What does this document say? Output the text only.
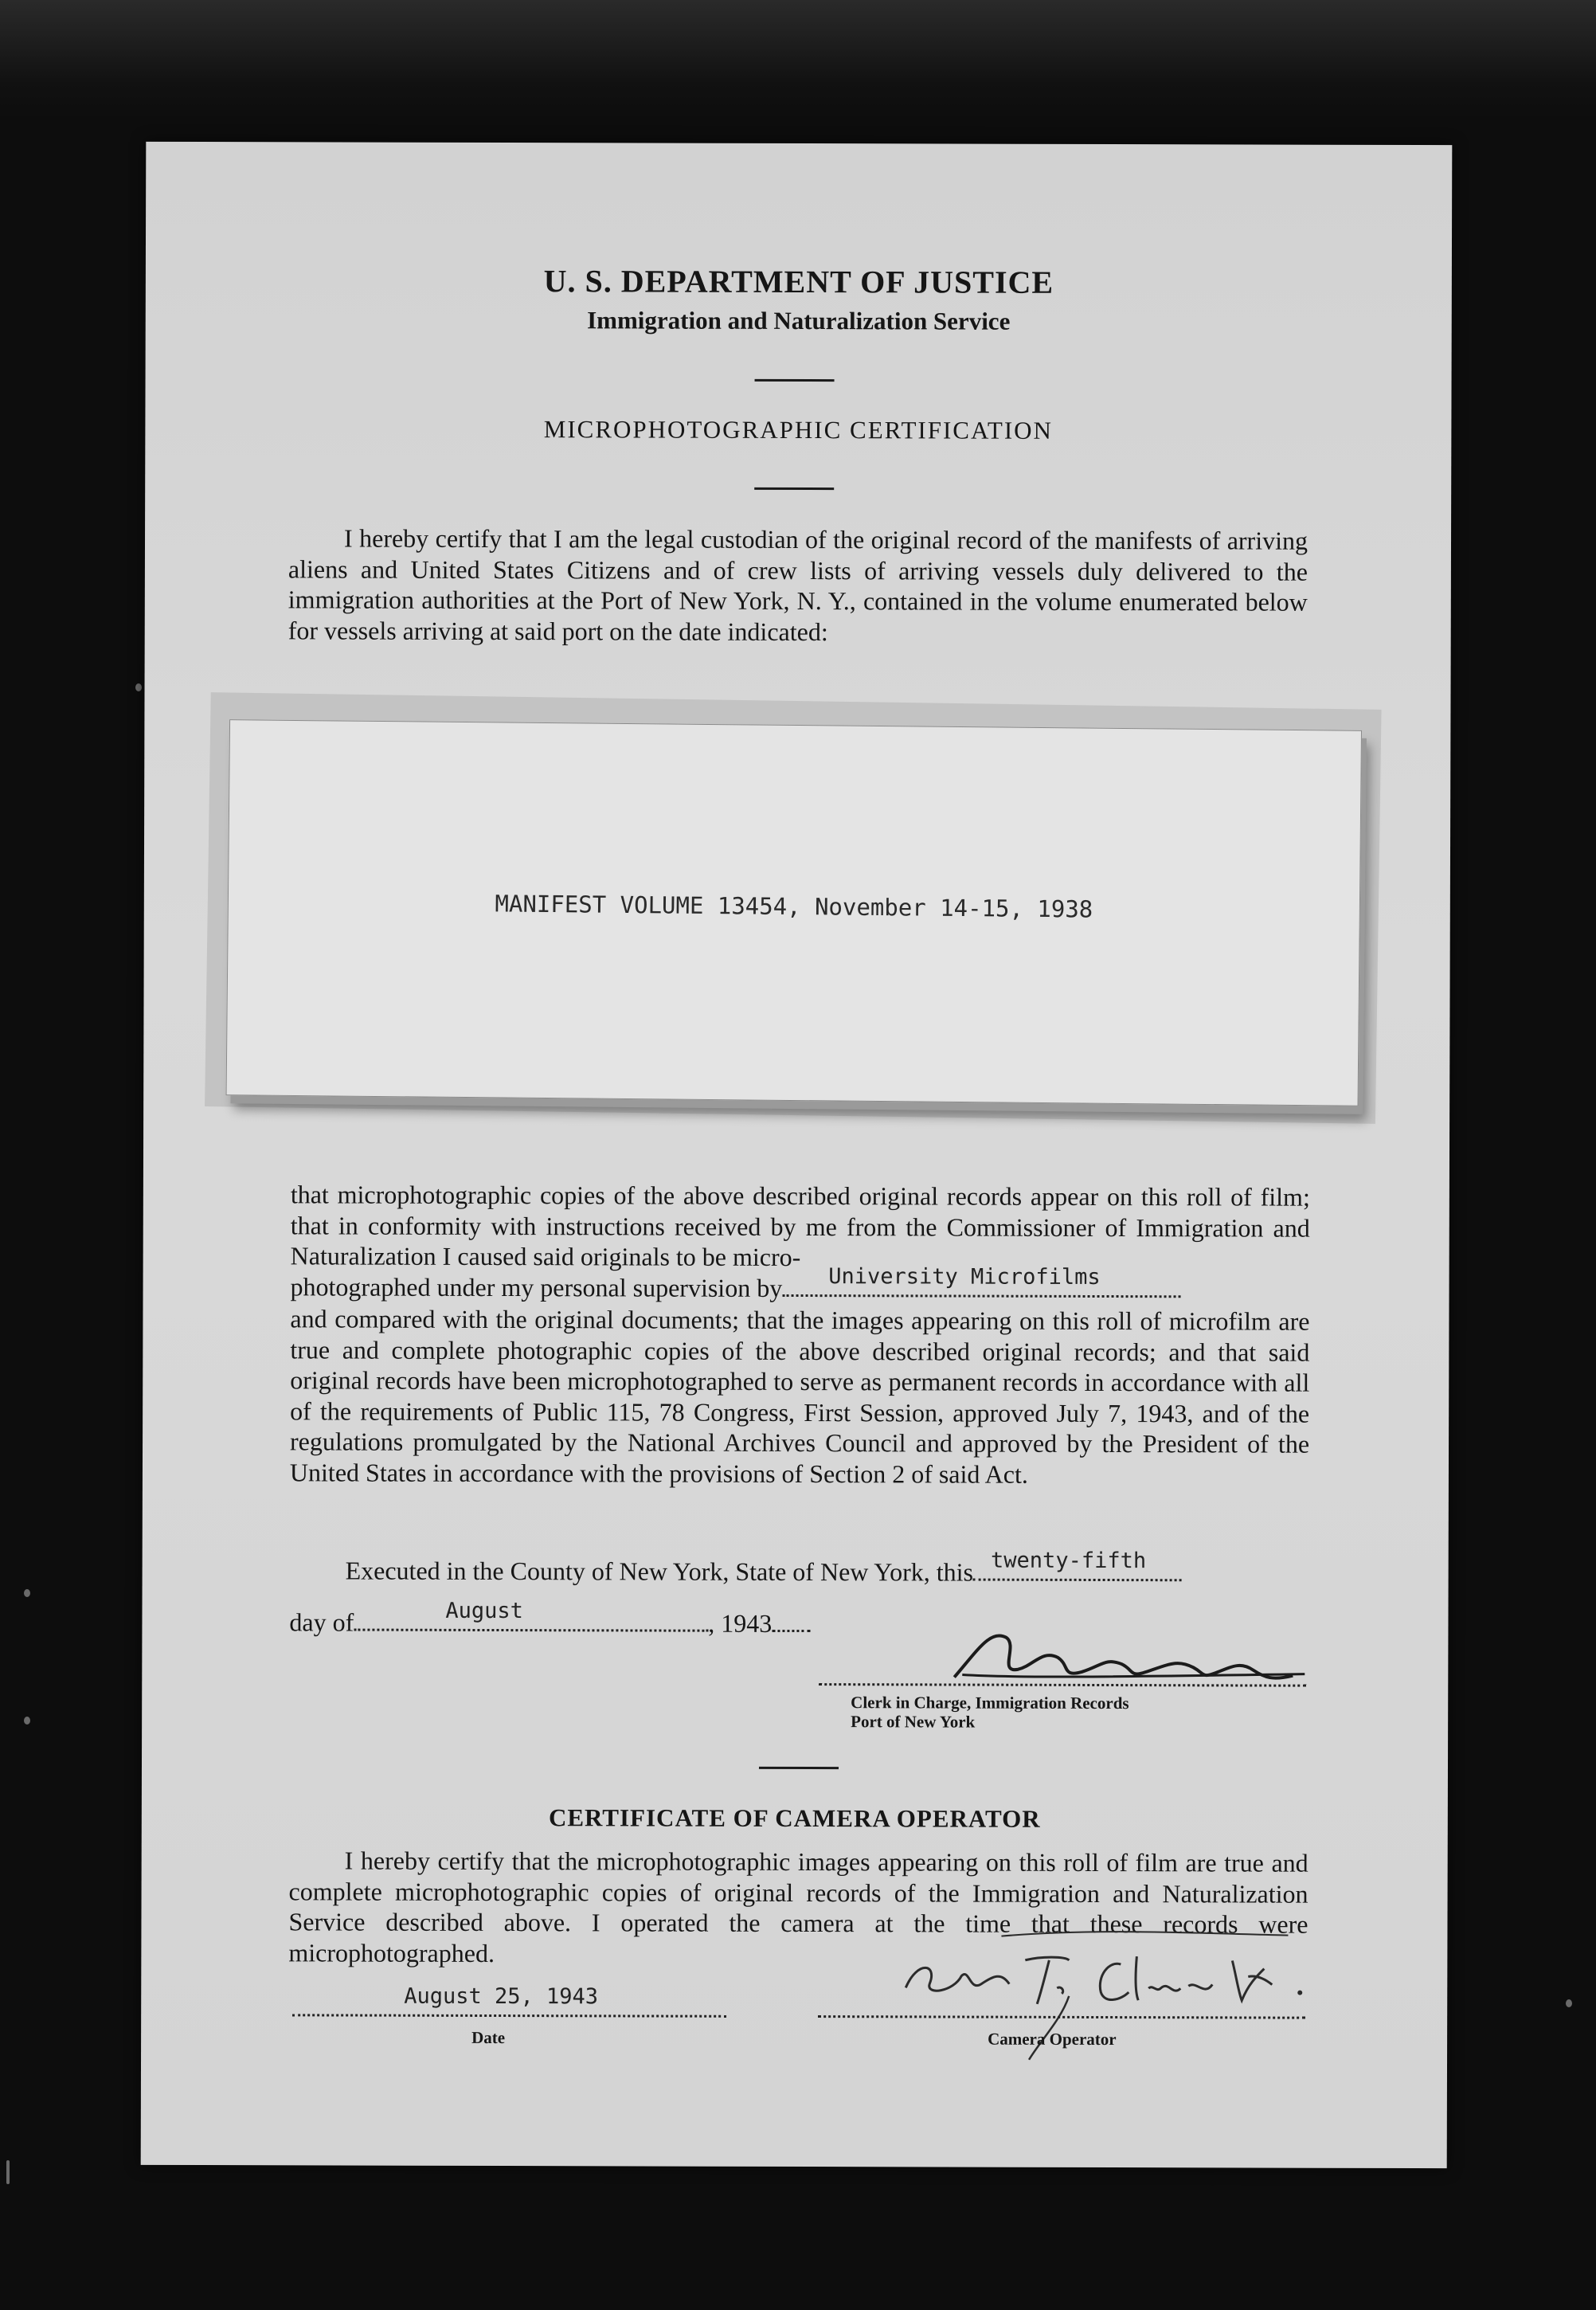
U. S. DEPARTMENT OF JUSTICE
Immigration and Naturalization Service
MICROPHOTOGRAPHIC CERTIFICATION
I hereby certify that I am the legal custodian of the original record of the manifests of arriving aliens and United States Citizens and of crew lists of arriving vessels duly delivered to the immigration authorities at the Port of New York, N. Y., contained in the volume enumerated below for vessels arriving at said port on the date indicated:
MANIFEST VOLUME 13454, November 14-15, 1938
that microphotographic copies of the above described original records appear on this roll of film; that in conformity with instructions received by me from the Commissioner of Immigration and Naturalization I caused said originals to be micro-
photographed under my personal supervision by University Microfilms
and compared with the original documents; that the images appearing on this roll of microfilm are true and complete photographic copies of the above described original records; and that said original records have been microphotographed to serve as permanent records in accordance with all of the requirements of Public 115, 78 Congress, First Session, approved July 7, 1943, and of the regulations promulgated by the National Archives Council and approved by the President of the United States in accordance with the provisions of Section 2 of said Act.
Executed in the County of New York, State of New York, this twenty-fifth
day of	August	, 1943
Clerk in Charge, Immigration Records
Port of New York
CERTIFICATE OF CAMERA OPERATOR
I hereby certify that the microphotographic images appearing on this roll of film are true and complete microphotographic copies of original records of the Immigration and Naturalization Service described above. I operated the camera at the time that these records were microphotographed.
August 25, 1943
Date	Camera Operator
